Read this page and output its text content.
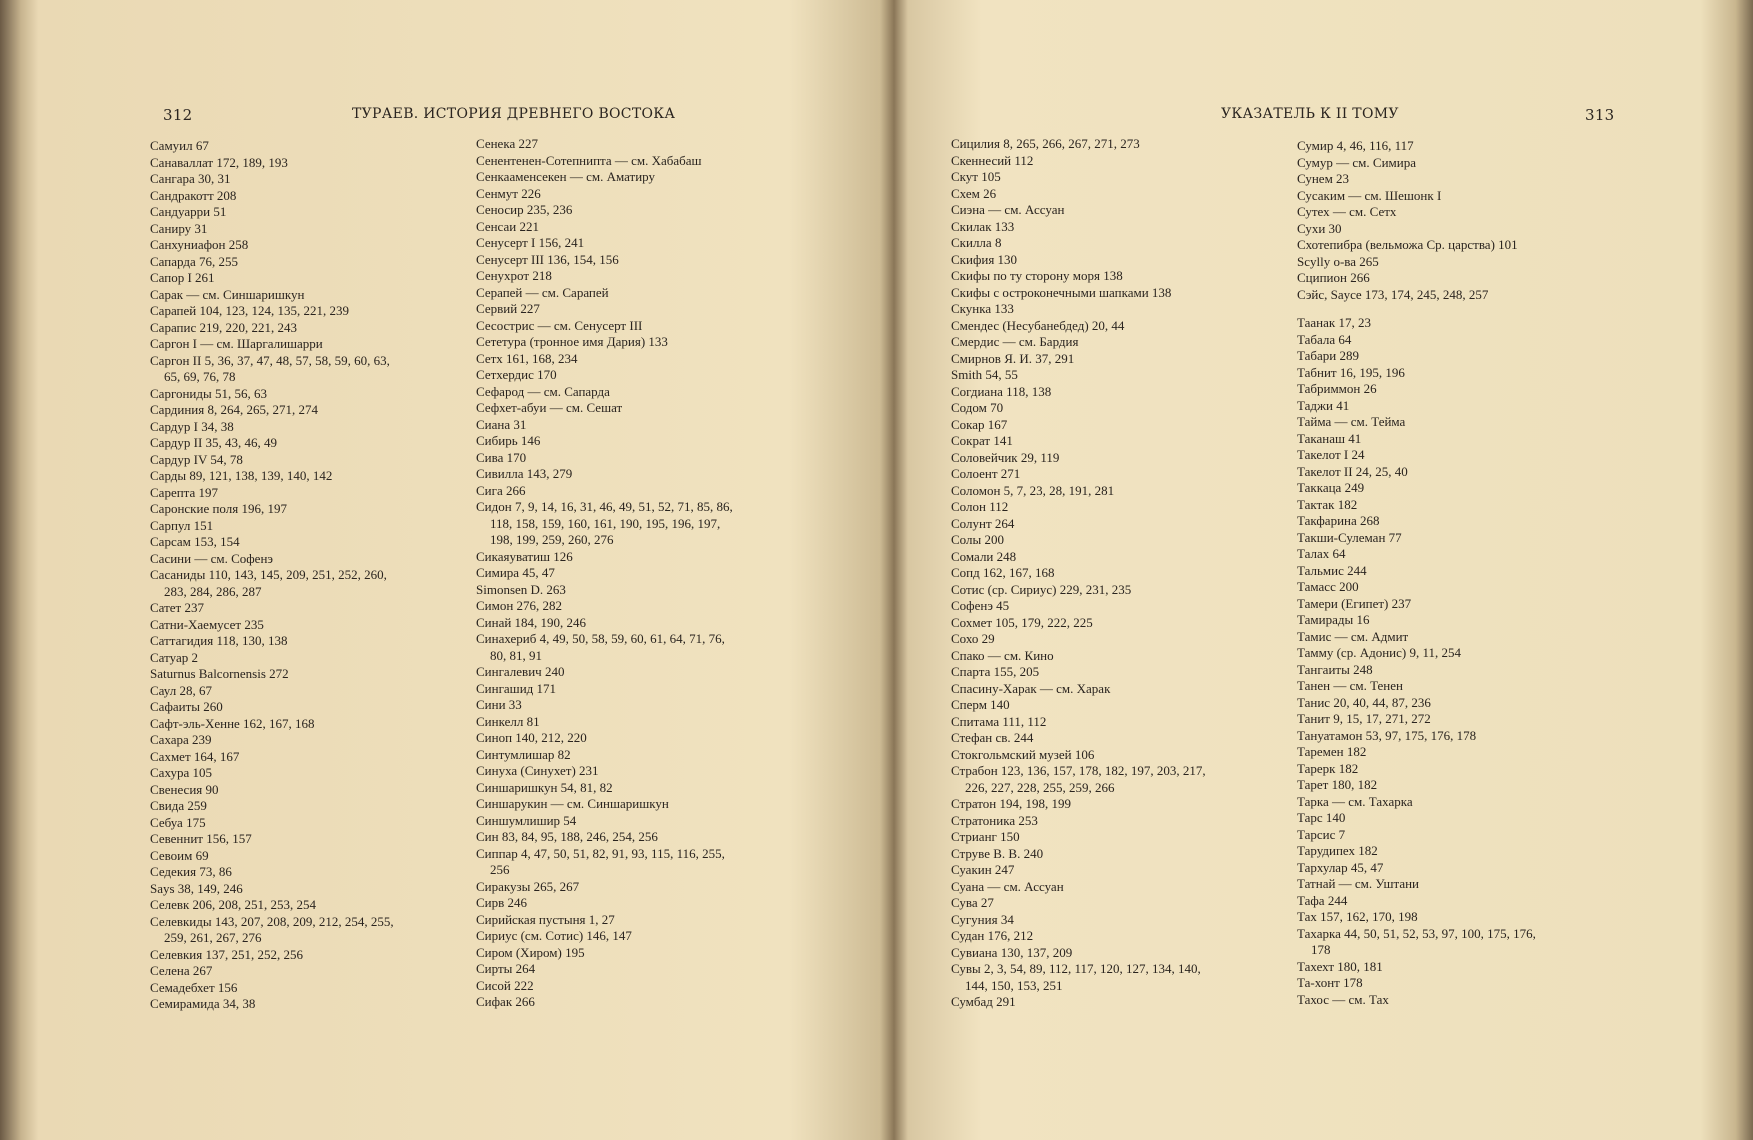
312	ТУРАЕВ. ИСТОРИЯ ДРЕВНЕГО ВОСТОКА
Самуил 67
Санаваллат 172, 189, 193
Сангара 30, 31
Сандракотт 208
Сандуарри 51
Саниру 31
Санхуниафон 258
Сапарда 76, 255
Сапор I 261
Сарак — см. Синшаришкун
Сарапей 104, 123, 124, 135, 221, 239
Сарапис 219, 220, 221, 243
Саргон I — см. Шаргалишарри
Саргон II 5, 36, 37, 47, 48, 57, 58, 59, 60, 63,
65, 69, 76, 78
Саргониды 51, 56, 63
Сардиния 8, 264, 265, 271, 274
Сардур I 34, 38
Сардур II 35, 43, 46, 49
Сардур IV 54, 78
Сарды 89, 121, 138, 139, 140, 142
Сарепта 197
Саронские поля 196, 197
Сарпул 151
Сарсам 153, 154
Сасини — см. Софенэ
Сасаниды 110, 143, 145, 209, 251, 252, 260,
283, 284, 286, 287
Сатет 237
Сатни-Хаемусет 235
Саттагидия 118, 130, 138
Сатуар 2
Saturnus Balcornensis 272
Саул 28, 67
Сафаиты 260
Сафт-эль-Хенне 162, 167, 168
Сахара 239
Сахмет 164, 167
Сахура 105
Свенесия 90
Свида 259
Себуа 175
Севеннит 156, 157
Севоим 69
Седекия 73, 86
Says 38, 149, 246
Селевк 206, 208, 251, 253, 254
Селевкиды 143, 207, 208, 209, 212, 254, 255,
259, 261, 267, 276
Селевкия 137, 251, 252, 256
Селена 267
Семадебхет 156
Семирамида 34, 38
Сенека 227
Сенентенен-Сотепнипта — см. Хабабаш
Сенкааменсекен — см. Аматиру
Сенмут 226
Сеносир 235, 236
Сенсаи 221
Сенусерт I 156, 241
Сенусерт III 136, 154, 156
Сенухрот 218
Серапей — см. Сарапей
Сервий 227
Сесострис — см. Сенусерт III
Сететура (тронное имя Дария) 133
Сетх 161, 168, 234
Сетхердис 170
Сефарод — см. Сапарда
Сефхет-абуи — см. Сешат
Сиана 31
Сибирь 146
Сива 170
Сивилла 143, 279
Сига 266
Сидон 7, 9, 14, 16, 31, 46, 49, 51, 52, 71, 85, 86,
118, 158, 159, 160, 161, 190, 195, 196, 197,
198, 199, 259, 260, 276
Сикаяуватиш 126
Симира 45, 47
Simonsen D. 263
Симон 276, 282
Синай 184, 190, 246
Синахериб 4, 49, 50, 58, 59, 60, 61, 64, 71, 76,
80, 81, 91
Сингалевич 240
Сингашид 171
Сини 33
Синкелл 81
Синоп 140, 212, 220
Синтумлишар 82
Синуха (Синухет) 231
Синшаришкун 54, 81, 82
Синшарукин — см. Синшаришкун
Синшумлишир 54
Син 83, 84, 95, 188, 246, 254, 256
Сиппар 4, 47, 50, 51, 82, 91, 93, 115, 116, 255,
256
Сиракузы 265, 267
Сирв 246
Сирийская пустыня 1, 27
Сириус (см. Сотис) 146, 147
Сиром (Хиром) 195
Сирты 264
Сисой 222
Сифак 266
УКАЗАТЕЛЬ К II ТОМУ	313
Сицилия 8, 265, 266, 267, 271, 273
Скеннесий 112
Скут 105
Схем 26
Сиэна — см. Ассуан
Скилак 133
Скилла 8
Скифия 130
Скифы по ту сторону моря 138
Скифы с остроконечными шапками 138
Скунка 133
Смендес (Несубанебдед) 20, 44
Смердис — см. Бардия
Смирнов Я. И. 37, 291
Smith 54, 55
Согдиана 118, 138
Содом 70
Сокар 167
Сократ 141
Соловейчик 29, 119
Солоент 271
Соломон 5, 7, 23, 28, 191, 281
Солон 112
Солунт 264
Солы 200
Сомали 248
Сопд 162, 167, 168
Сотис (ср. Сириус) 229, 231, 235
Софенэ 45
Сохмет 105, 179, 222, 225
Сохо 29
Спако — см. Кино
Спарта 155, 205
Спасину-Харак — см. Харак
Сперм 140
Спитама 111, 112
Стефан св. 244
Стокгольмский музей 106
Страбон 123, 136, 157, 178, 182, 197, 203, 217,
226, 227, 228, 255, 259, 266
Стратон 194, 198, 199
Стратоника 253
Стрианг 150
Струве В. В. 240
Суакин 247
Суана — см. Ассуан
Сува 27
Сугуния 34
Судан 176, 212
Сувиана 130, 137, 209
Сувы 2, 3, 54, 89, 112, 117, 120, 127, 134, 140,
144, 150, 153, 251
Сумбад 291
Сумир 4, 46, 116, 117
Сумур — см. Симира
Сунем 23
Сусаким — см. Шешонк I
Сутех — см. Сетх
Сухи 30
Схотепибра (вельможа Ср. царства) 101
Scylly о-ва 265
Сципион 266
Сэйс, Sayce 173, 174, 245, 248, 257
Таанак 17, 23
Табала 64
Табари 289
Табнит 16, 195, 196
Табриммон 26
Таджи 41
Тайма — см. Тейма
Таканаш 41
Такелот I 24
Такелот II 24, 25, 40
Таккаца 249
Тактак 182
Такфарина 268
Такши-Сулеман 77
Талах 64
Тальмис 244
Тамасс 200
Тамери (Египет) 237
Тамирады 16
Тамис — см. Адмит
Тамму (ср. Адонис) 9, 11, 254
Тангаиты 248
Танен — см. Тенен
Танис 20, 40, 44, 87, 236
Танит 9, 15, 17, 271, 272
Тануатамон 53, 97, 175, 176, 178
Таремен 182
Тарерк 182
Тарет 180, 182
Тарка — см. Тахарка
Тарс 140
Тарсис 7
Тарудипех 182
Тархулар 45, 47
Татнай — см. Уштани
Тафа 244
Тах 157, 162, 170, 198
Тахарка 44, 50, 51, 52, 53, 97, 100, 175, 176,
178
Тахехт 180, 181
Та-хонт 178
Тахос — см. Тах
